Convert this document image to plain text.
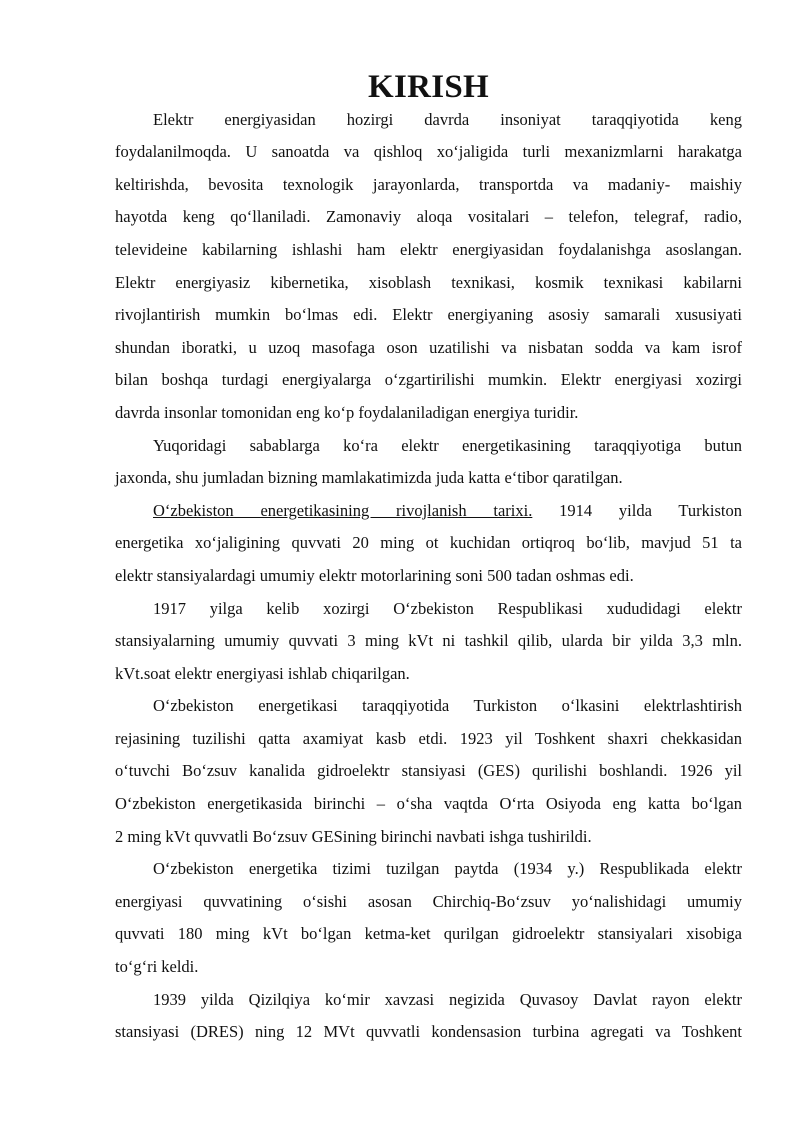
KIRISH
Elektr energiyasidan hozirgi davrda insoniyat taraqqiyotida keng
foydalanilmoqda. U sanoatda va qishloq xo‘jaligida turli mexanizmlarni harakatga
keltirishda, bevosita texnologik jarayonlarda, transportda va madaniy- maishiy
hayotda keng qo‘llaniladi. Zamonaviy aloqa vositalari – telefon, telegraf, radio,
televideine kabilarning ishlashi ham elektr energiyasidan foydalanishga asoslangan.
Elektr energiyasiz kibernetika, xisoblash texnikasi, kosmik texnikasi kabilarni
rivojlantirish mumkin bo‘lmas edi. Elektr energiyaning asosiy samarali xususiyati
shundan iboratki, u uzoq masofaga oson uzatilishi va nisbatan sodda va kam isrof
bilan boshqa turdagi energiyalarga o‘zgartirilishi mumkin. Elektr energiyasi xozirgi
davrda insonlar tomonidan eng ko‘p foydalaniladigan energiya turidir.
Yuqoridagi sabablarga ko‘ra elektr energetikasining taraqqiyotiga butun
jaxonda, shu jumladan bizning mamlakatimizda juda katta e‘tibor qaratilgan.
O‘zbekiston energetikasining rivojlanish tarixi. 1914 yilda Turkiston
energetika xo‘jaligining quvvati 20 ming ot kuchidan ortiqroq bo‘lib, mavjud 51 ta
elektr stansiyalardagi umumiy elektr motorlarining soni 500 tadan oshmas edi.
1917 yilga kelib xozirgi O‘zbekiston Respublikasi xududidagi elektr
stansiyalarning umumiy quvvati 3 ming kVt ni tashkil qilib, ularda bir yilda 3,3 mln.
kVt.soat elektr energiyasi ishlab chiqarilgan.
O‘zbekiston energetikasi taraqqiyotida Turkiston o‘lkasini elektrlashtirish
rejasining tuzilishi qatta axamiyat kasb etdi. 1923 yil Toshkent shaxri chekkasidan
o‘tuvchi Bo‘zsuv kanalida gidroelektr stansiyasi (GES) qurilishi boshlandi. 1926 yil
O‘zbekiston energetikasida birinchi – o‘sha vaqtda O‘rta Osiyoda eng katta bo‘lgan
2 ming kVt quvvatli Bo‘zsuv GESining birinchi navbati ishga tushirildi.
O‘zbekiston energetika tizimi tuzilgan paytda (1934 y.) Respublikada elektr
energiyasi quvvatining o‘sishi asosan Chirchiq-Bo‘zsuv yo‘nalishidagi umumiy
quvvati 180 ming kVt bo‘lgan ketma-ket qurilgan gidroelektr stansiyalari xisobiga
to‘g‘ri keldi.
1939 yilda Qizilqiya ko‘mir xavzasi negizida Quvasoy Davlat rayon elektr
stansiyasi (DRES) ning 12 MVt quvvatli kondensasion turbina agregati va Toshkent
